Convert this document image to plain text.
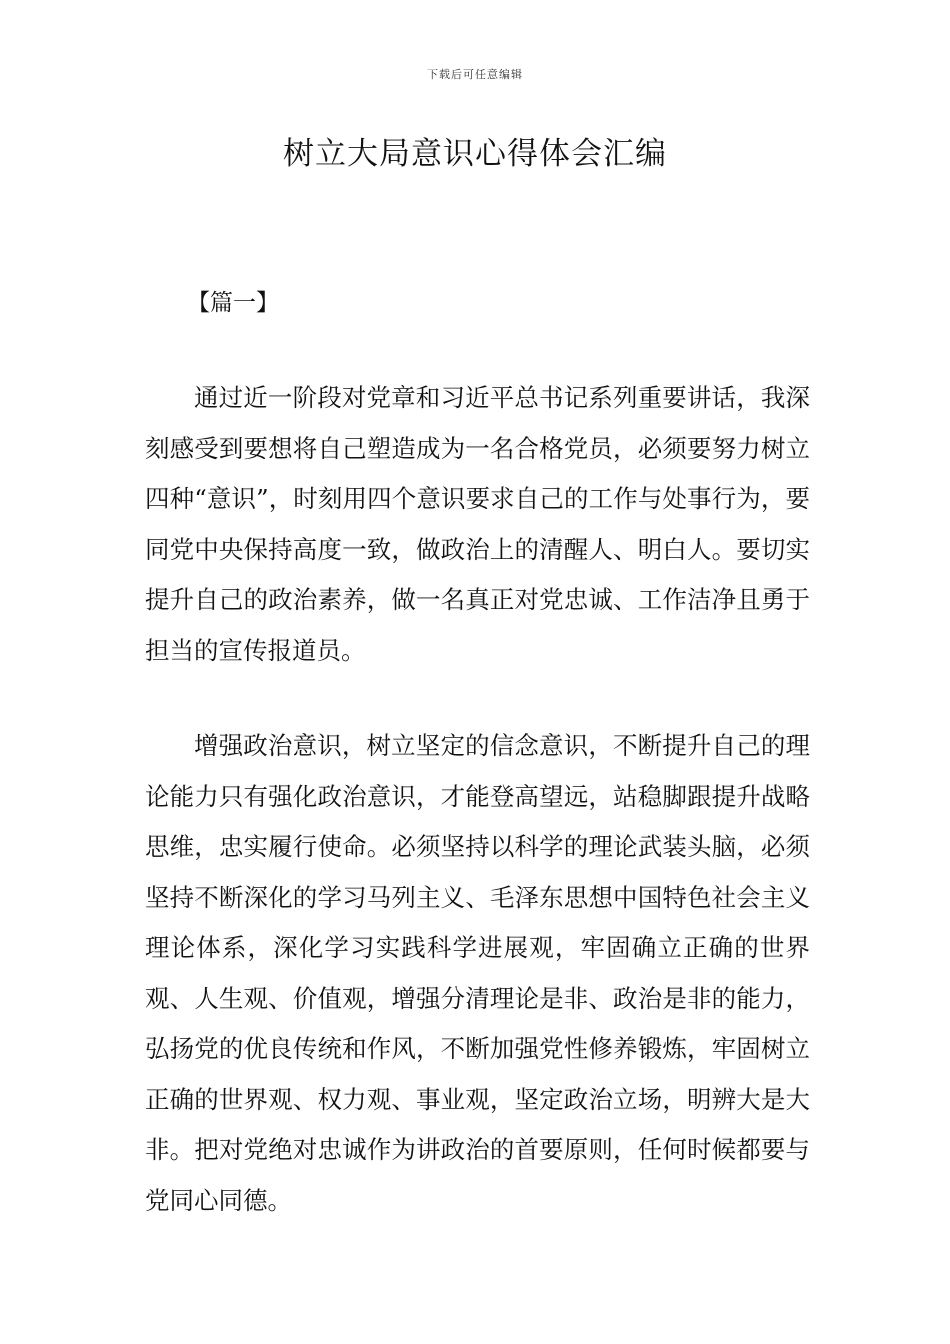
下载后可任意编辑
树立大局意识心得体会汇编
【篇一】

通过近一阶段对党章和习近平总书记系列重要讲话，我深刻感受到要想将自己塑造成为一名合格党员，必须要努力树立四种“意识”，时刻用四个意识要求自己的工作与处事行为，要同党中央保持高度一致，做政治上的清醒人、明白人。要切实提升自己的政治素养，做一名真正对党忠诚、工作洁净且勇于担当的宣传报道员。

增强政治意识，树立坚定的信念意识，不断提升自己的理论能力只有强化政治意识，才能登高望远，站稳脚跟提升战略思维，忠实履行使命。必须坚持以科学的理论武装头脑，必须坚持不断深化的学习马列主义、毛泽东思想中国特色社会主义理论体系，深化学习实践科学进展观，牢固确立正确的世界观、人生观、价值观，增强分清理论是非、政治是非的能力，弘扬党的优良传统和作风，不断加强党性修养锻炼，牢固树立正确的世界观、权力观、事业观，坚定政治立场，明辨大是大非。把对党绝对忠诚作为讲政治的首要原则，任何时候都要与党同心同德。
